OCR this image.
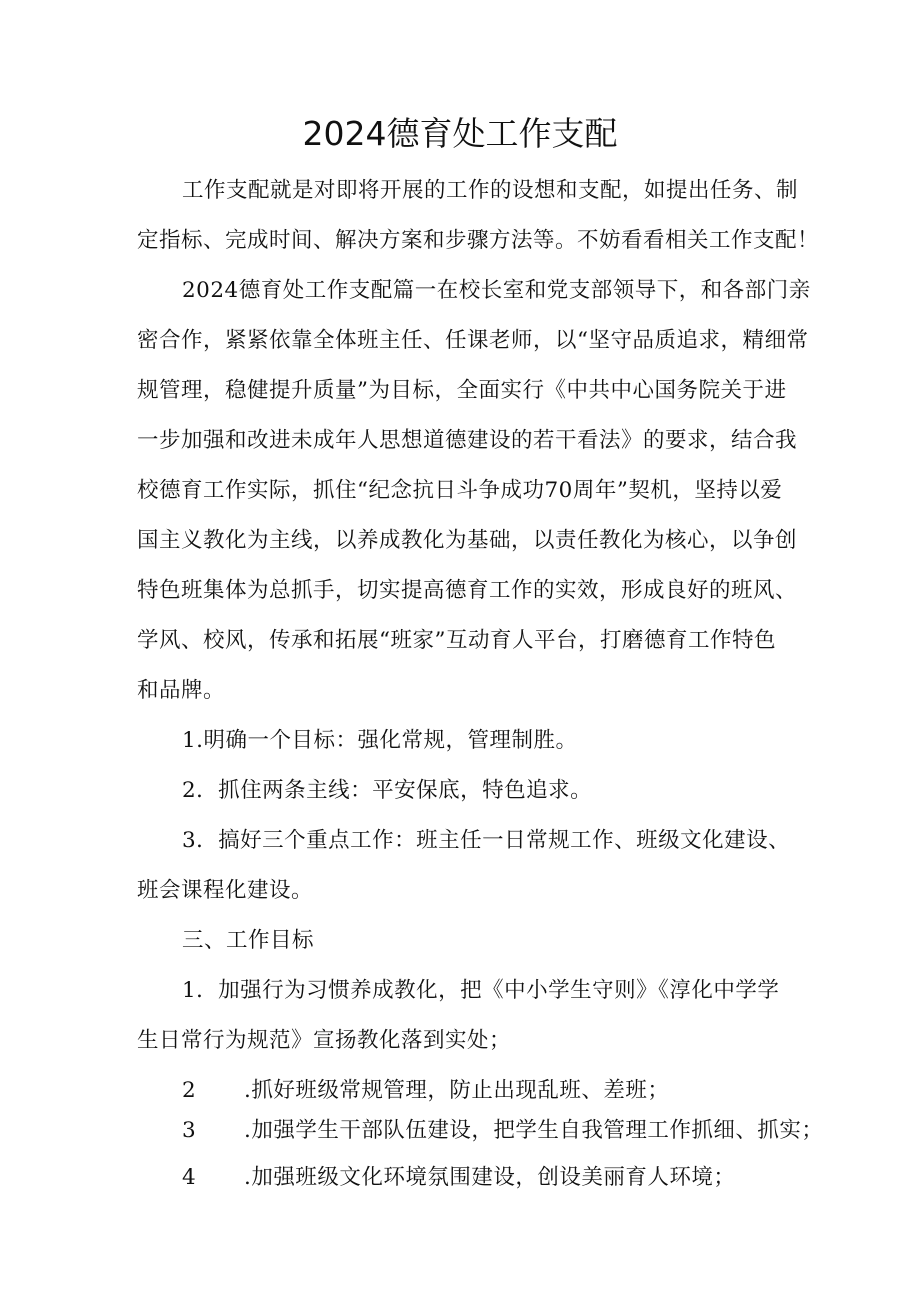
2024德育处工作支配
工作支配就是对即将开展的工作的设想和支配，如提出任务、制
定指标、完成时间、解决方案和步骤方法等。不妨看看相关工作支配！
2024德育处工作支配篇一在校长室和党支部领导下，和各部门亲
密合作，紧紧依靠全体班主任、任课老师，以“坚守品质追求，精细常
规管理，稳健提升质量”为目标，全面实行《中共中心国务院关于进
一步加强和改进未成年人思想道德建设的若干看法》的要求，结合我
校德育工作实际，抓住“纪念抗日斗争成功70周年”契机，坚持以爱
国主义教化为主线，以养成教化为基础，以责任教化为核心，以争创
特色班集体为总抓手，切实提高德育工作的实效，形成良好的班风、
学风、校风，传承和拓展“班家”互动育人平台，打磨德育工作特色
和品牌。
1.明确一个目标：强化常规，管理制胜。
2．抓住两条主线：平安保底，特色追求。
3．搞好三个重点工作：班主任一日常规工作、班级文化建设、
班会课程化建设。
三、工作目标
1．加强行为习惯养成教化，把《中小学生守则》《淳化中学学
生日常行为规范》宣扬教化落到实处；
2 .抓好班级常规管理，防止出现乱班、差班；
3 .加强学生干部队伍建设，把学生自我管理工作抓细、抓实；
4 .加强班级文化环境氛围建设，创设美丽育人环境；
